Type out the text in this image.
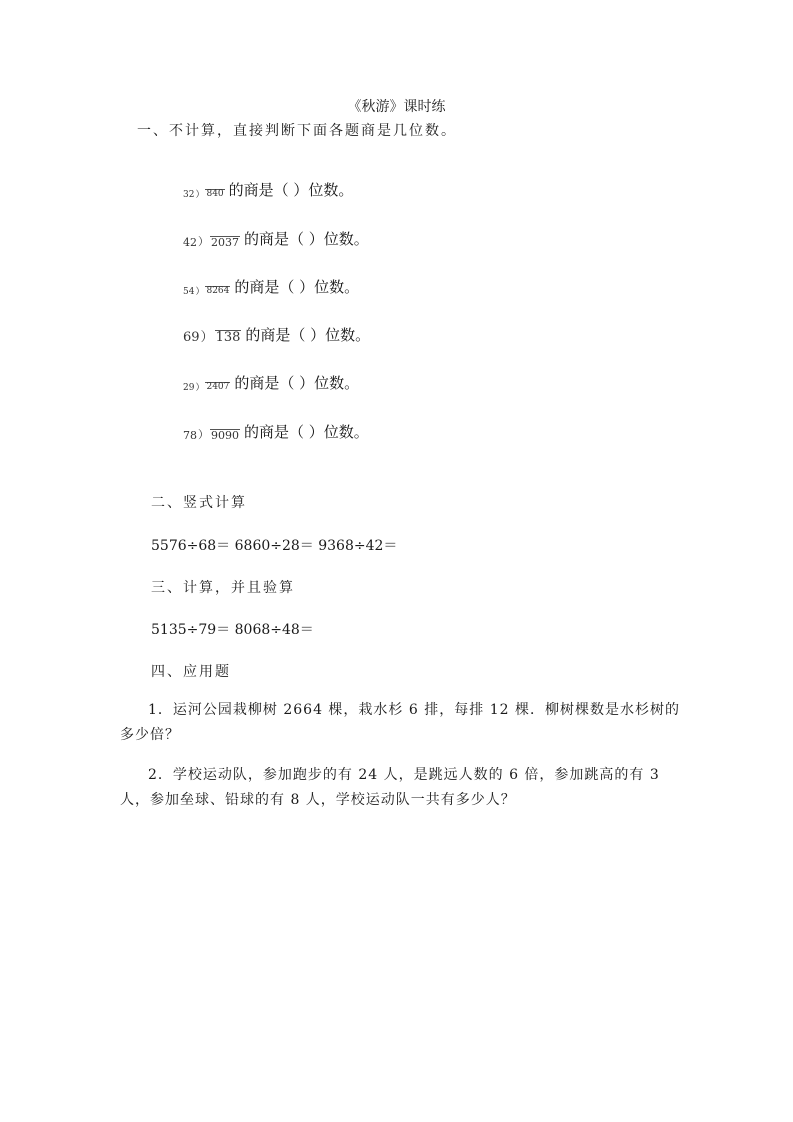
《秋游》课时练
一、不计算，直接判断下面各题商是几位数。
32 ） 840 的商是（ ）位数。
42 ） 2037 的商是（ ）位数。
54 ） 8264 的商是（ ）位数。
69 ） 138 的商是（ ）位数。
29 ） 2407 的商是（ ）位数。
78 ） 9090 的商是（ ）位数。
二、竖式计算
5576÷68＝ 6860÷28＝ 9368÷42＝
三、计算，并且验算
5135÷79＝ 8068÷48＝
四、应用题
1．运河公园栽柳树 2664 棵，栽水杉 6 排，每排 12 棵．柳树棵数是水杉树的多少倍？
2．学校运动队，参加跑步的有 24 人，是跳远人数的 6 倍，参加跳高的有 3 人，参加垒球、铅球的有 8 人，学校运动队一共有多少人？
